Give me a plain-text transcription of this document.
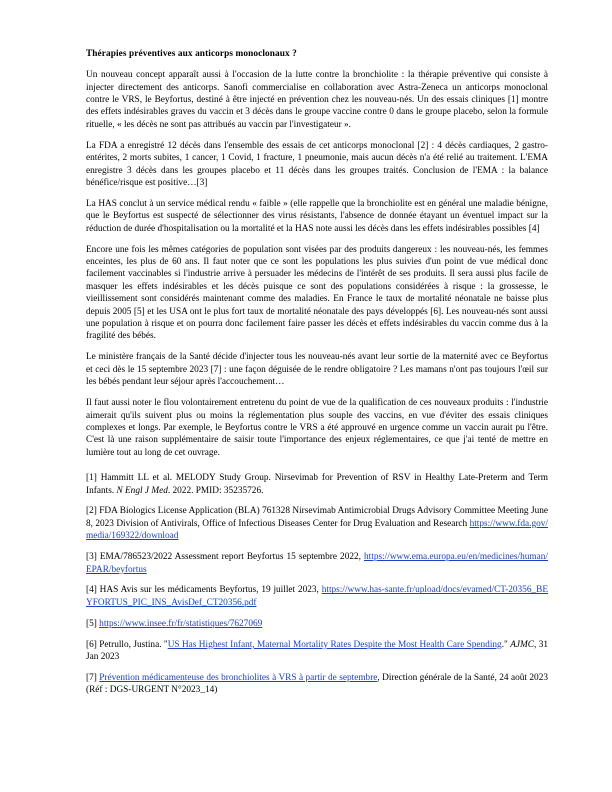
Thérapies préventives aux anticorps monoclonaux ?

Un nouveau concept apparaît aussi à l'occasion de la lutte contre la bronchiolite : la thérapie préventive qui consiste à injecter directement des anticorps. Sanofi commercialise en collaboration avec Astra-Zeneca un anticorps monoclonal contre le VRS, le Beyfortus, destiné à être injecté en prévention chez les nouveau-nés. Un des essais cliniques [1] montre des effets indésirables graves du vaccin et 3 décès dans le groupe vaccine contre 0 dans le groupe placebo, selon la formule rituelle, « les décès ne sont pas attribués au vaccin par l'investigateur ».

La FDA a enregistré 12 décès dans l'ensemble des essais de cet anticorps monoclonal [2] : 4 décès cardiaques, 2 gastro-entérites, 2 morts subites, 1 cancer, 1 Covid, 1 fracture, 1 pneumonie, mais aucun décès n'a été relié au traitement. L'EMA enregistre 3 décès dans les groupes placebo et 11 décès dans les groupes traités. Conclusion de l'EMA : la balance bénéfice/risque est positive…[3]

La HAS conclut à un service médical rendu « faible » (elle rappelle que la bronchiolite est en général une maladie bénigne, que le Beyfortus est suspecté de sélectionner des virus résistants, l'absence de donnée étayant un éventuel impact sur la réduction de durée d'hospitalisation ou la mortalité et la HAS note aussi les décès dans les effets indésirables possibles [4]

Encore une fois les mêmes catégories de population sont visées par des produits dangereux : les nouveau-nés, les femmes enceintes, les plus de 60 ans. Il faut noter que ce sont les populations les plus suivies d'un point de vue médical donc facilement vaccinables si l'industrie arrive à persuader les médecins de l'intérêt de ses produits. Il sera aussi plus facile de masquer les effets indésirables et les décès puisque ce sont des populations considérées à risque : la grossesse, le vieillissement sont considérés maintenant comme des maladies. En France le taux de mortalité néonatale ne baisse plus depuis 2005 [5] et les USA ont le plus fort taux de mortalité néonatale des pays développés [6]. Les nouveau-nés sont aussi une population à risque et on pourra donc facilement faire passer les décès et effets indésirables du vaccin comme dus à la fragilité des bébés.

Le ministère français de la Santé décide d'injecter tous les nouveau-nés avant leur sortie de la maternité avec ce Beyfortus et ceci dès le 15 septembre 2023 [7] : une façon déguisée de le rendre obligatoire ? Les mamans n'ont pas toujours l'œil sur les bébés pendant leur séjour après l'accouchement…

Il faut aussi noter le flou volontairement entretenu du point de vue de la qualification de ces nouveaux produits : l'industrie aimerait qu'ils suivent plus ou moins la réglementation plus souple des vaccins, en vue d'éviter des essais cliniques complexes et longs. Par exemple, le Beyfortus contre le VRS a été approuvé en urgence comme un vaccin aurait pu l'être. C'est là une raison supplémentaire de saisir toute l'importance des enjeux réglementaires, ce que j'ai tenté de mettre en lumière tout au long de cet ouvrage.

[1] Hammitt LL et al. MELODY Study Group. Nirsevimab for Prevention of RSV in Healthy Late-Preterm and Term Infants. N Engl J Med. 2022. PMID: 35235726.

[2] FDA Biologics License Application (BLA) 761328 Nirsevimab Antimicrobial Drugs Advisory Committee Meeting June 8, 2023 Division of Antivirals, Office of Infectious Diseases Center for Drug Evaluation and Research https://www.fda.gov/media/169322/download

[3] EMA/786523/2022 Assessment report Beyfortus 15 septembre 2022, https://www.ema.europa.eu/en/medicines/human/EPAR/beyfortus

[4] HAS Avis sur les médicaments Beyfortus, 19 juillet 2023, https://www.has-sante.fr/upload/docs/evamed/CT-20356_BEYFORTUS_PIC_INS_AvisDef_CT20356.pdf

[5] https://www.insee.fr/fr/statistiques/7627069

[6] Petrullo, Justina. "US Has Highest Infant, Maternal Mortality Rates Despite the Most Health Care Spending." AJMC, 31 Jan 2023

[7] Prévention médicamenteuse des bronchiolites à VRS à partir de septembre, Direction générale de la Santé, 24 août 2023 (Réf : DGS-URGENT N°2023_14)
